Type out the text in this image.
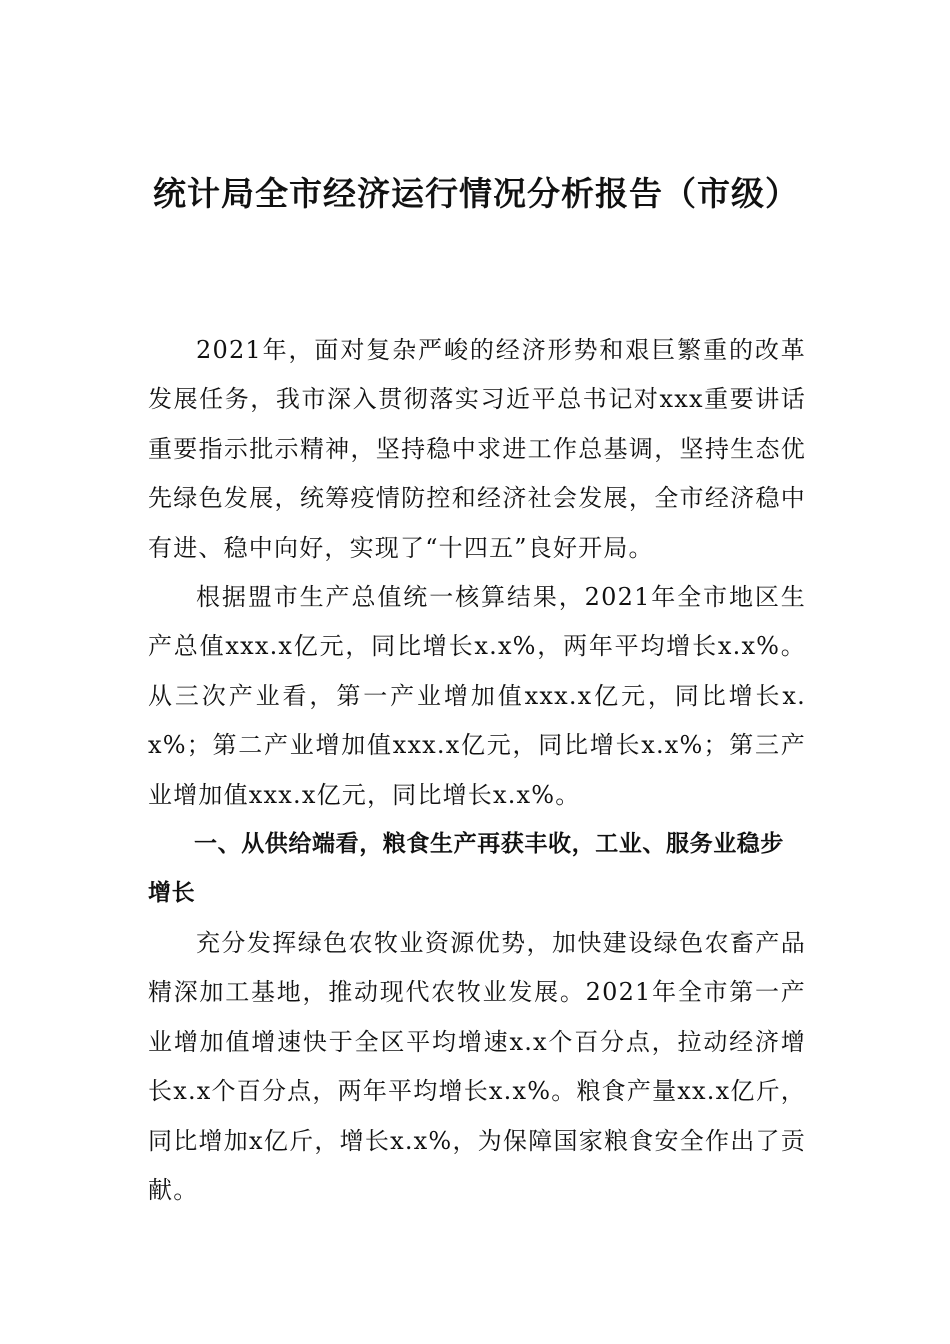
统计局全市经济运行情况分析报告（市级）

2021年，面对复杂严峻的经济形势和艰巨繁重的改革发展任务，我市深入贯彻落实习近平总书记对xxx重要讲话重要指示批示精神，坚持稳中求进工作总基调，坚持生态优先绿色发展，统筹疫情防控和经济社会发展，全市经济稳中有进、稳中向好，实现了“十四五”良好开局。

根据盟市生产总值统一核算结果，2021年全市地区生产总值xxx.x亿元，同比增长x.x%，两年平均增长x.x%。从三次产业看，第一产业增加值xxx.x亿元，同比增长x.x%；第二产业增加值xxx.x亿元，同比增长x.x%；第三产业增加值xxx.x亿元，同比增长x.x%。

一、从供给端看，粮食生产再获丰收，工业、服务业稳步增长

充分发挥绿色农牧业资源优势，加快建设绿色农畜产品精深加工基地，推动现代农牧业发展。2021年全市第一产业增加值增速快于全区平均增速x.x个百分点，拉动经济增长x.x个百分点，两年平均增长x.x%。粮食产量xx.x亿斤，同比增加x亿斤，增长x.x%，为保障国家粮食安全作出了贡献。
